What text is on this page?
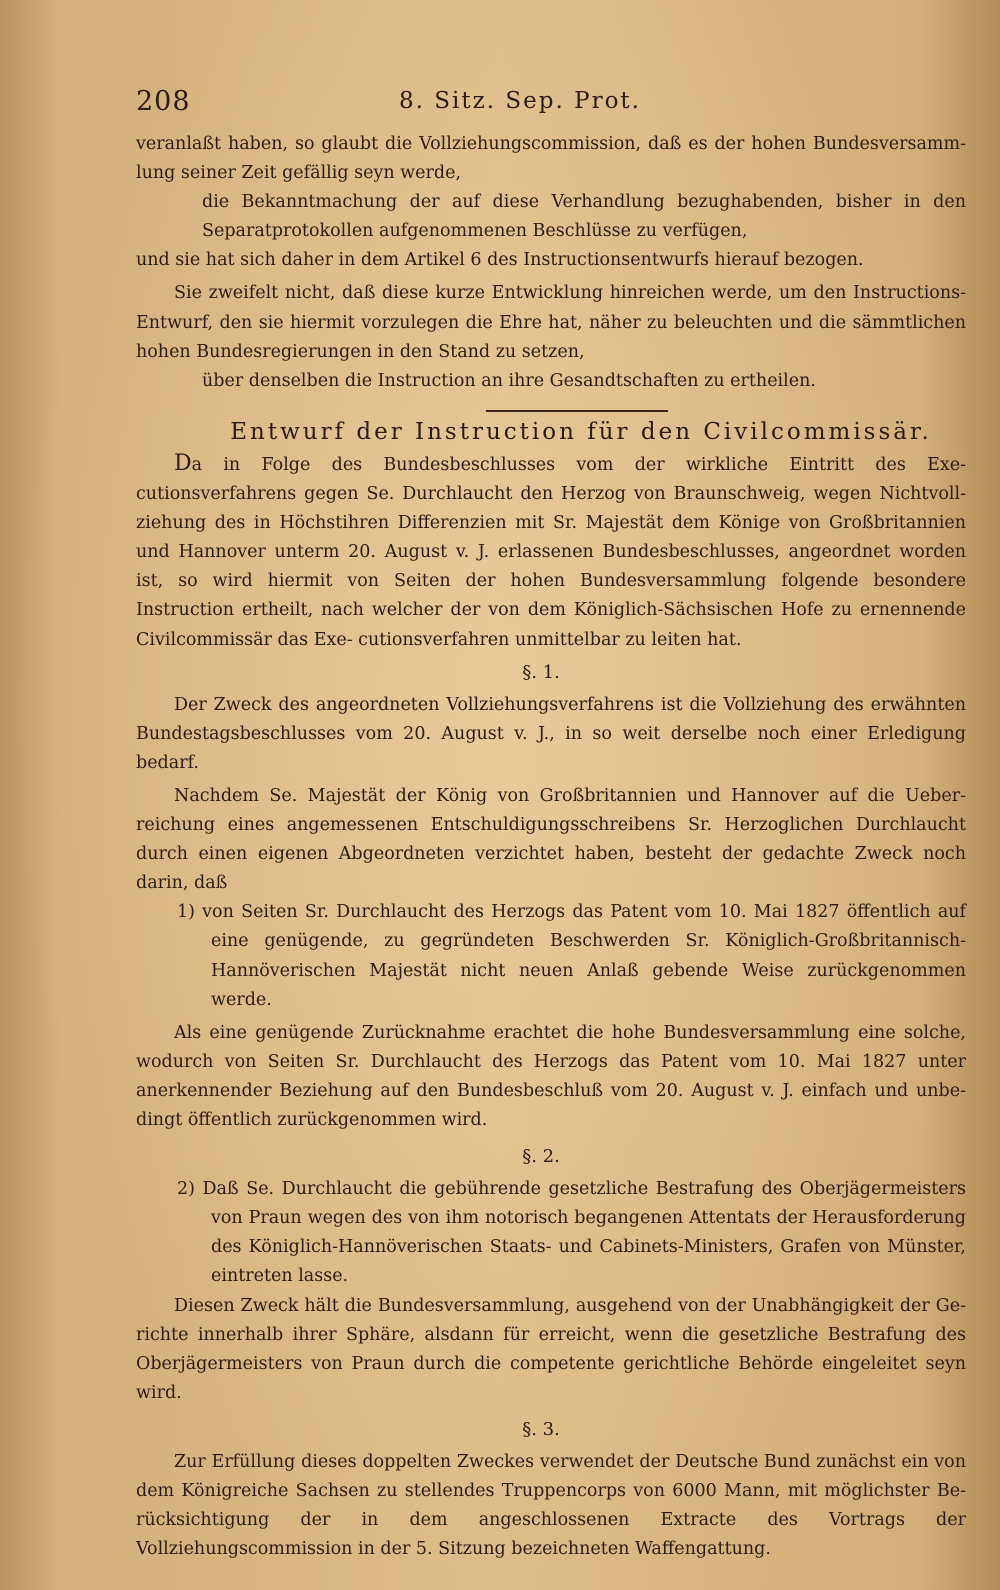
208	8. Sitz. Sep. Prot.

veranlaßt haben, so glaubt die Vollziehungscommission, daß es der hohen Bundesversamm- lung seiner Zeit gefällig seyn werde,

die Bekanntmachung der auf diese Verhandlung bezughabenden, bisher in den Separatprotokollen aufgenommenen Beschlüsse zu verfügen,

und sie hat sich daher in dem Artikel 6 des Instructionsentwurfs hierauf bezogen.

Sie zweifelt nicht, daß diese kurze Entwicklung hinreichen werde, um den Instructions- Entwurf, den sie hiermit vorzulegen die Ehre hat, näher zu beleuchten und die sämmtlichen hohen Bundesregierungen in den Stand zu setzen,

über denselben die Instruction an ihre Gesandtschaften zu ertheilen.

Entwurf der Instruction für den Civilcommissär.

Da in Folge des Bundesbeschlusses vom der wirkliche Eintritt des Exe- cutionsverfahrens gegen Se. Durchlaucht den Herzog von Braunschweig, wegen Nichtvoll- ziehung des in Höchstihren Differenzien mit Sr. Majestät dem Könige von Großbritannien und Hannover unterm 20. August v. J. erlassenen Bundesbeschlusses, angeordnet worden ist, so wird hiermit von Seiten der hohen Bundesversammlung folgende besondere Instruction ertheilt, nach welcher der von dem Königlich-Sächsischen Hofe zu ernennende Civilcommissär das Exe- cutionsverfahren unmittelbar zu leiten hat.

§. 1.

Der Zweck des angeordneten Vollziehungsverfahrens ist die Vollziehung des erwähnten Bundestagsbeschlusses vom 20. August v. J., in so weit derselbe noch einer Erledigung bedarf.

Nachdem Se. Majestät der König von Großbritannien und Hannover auf die Ueber- reichung eines angemessenen Entschuldigungsschreibens Sr. Herzoglichen Durchlaucht durch einen eigenen Abgeordneten verzichtet haben, besteht der gedachte Zweck noch darin, daß

1) von Seiten Sr. Durchlaucht des Herzogs das Patent vom 10. Mai 1827 öffentlich auf eine genügende, zu gegründeten Beschwerden Sr. Königlich-Großbritannisch- Hannöverischen Majestät nicht neuen Anlaß gebende Weise zurückgenommen werde.

Als eine genügende Zurücknahme erachtet die hohe Bundesversammlung eine solche, wodurch von Seiten Sr. Durchlaucht des Herzogs das Patent vom 10. Mai 1827 unter anerkennender Beziehung auf den Bundesbeschluß vom 20. August v. J. einfach und unbe- dingt öffentlich zurückgenommen wird.

§. 2.

2) Daß Se. Durchlaucht die gebührende gesetzliche Bestrafung des Oberjägermeisters von Praun wegen des von ihm notorisch begangenen Attentats der Herausforderung des Königlich-Hannöverischen Staats- und Cabinets-Ministers, Grafen von Münster, eintreten lasse.

Diesen Zweck hält die Bundesversammlung, ausgehend von der Unabhängigkeit der Ge- richte innerhalb ihrer Sphäre, alsdann für erreicht, wenn die gesetzliche Bestrafung des Oberjägermeisters von Praun durch die competente gerichtliche Behörde eingeleitet seyn wird.

§. 3.

Zur Erfüllung dieses doppelten Zweckes verwendet der Deutsche Bund zunächst ein von dem Königreiche Sachsen zu stellendes Truppencorps von 6000 Mann, mit möglichster Be- rücksichtigung der in dem angeschlossenen Extracte des Vortrags der Vollziehungscommission in der 5. Sitzung bezeichneten Waffengattung.
